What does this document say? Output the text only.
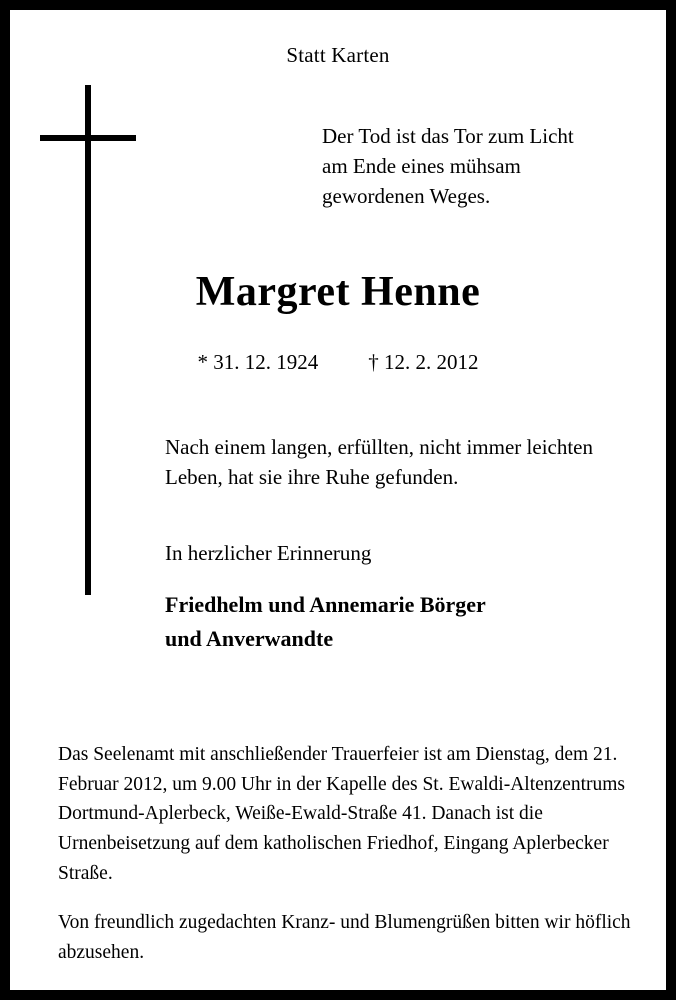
Statt Karten
Der Tod ist das Tor zum Licht
am Ende eines mühsam
gewordenen Weges.
Margret Henne
* 31. 12. 1924 † 12. 2. 2012
Nach einem langen, erfüllten, nicht immer leichten Leben, hat sie ihre Ruhe gefunden.
In herzlicher Erinnerung
Friedhelm und Annemarie Börger
und Anverwandte
Das Seelenamt mit anschließender Trauerfeier ist am Dienstag, dem 21. Februar 2012, um 9.00 Uhr in der Kapelle des St. Ewaldi-Altenzentrums Dortmund-Aplerbeck, Weiße-Ewald-Straße 41. Danach ist die Urnenbeisetzung auf dem katholischen Friedhof, Eingang Aplerbecker Straße.
Von freundlich zugedachten Kranz- und Blumengrüßen bitten wir höflich abzusehen.
